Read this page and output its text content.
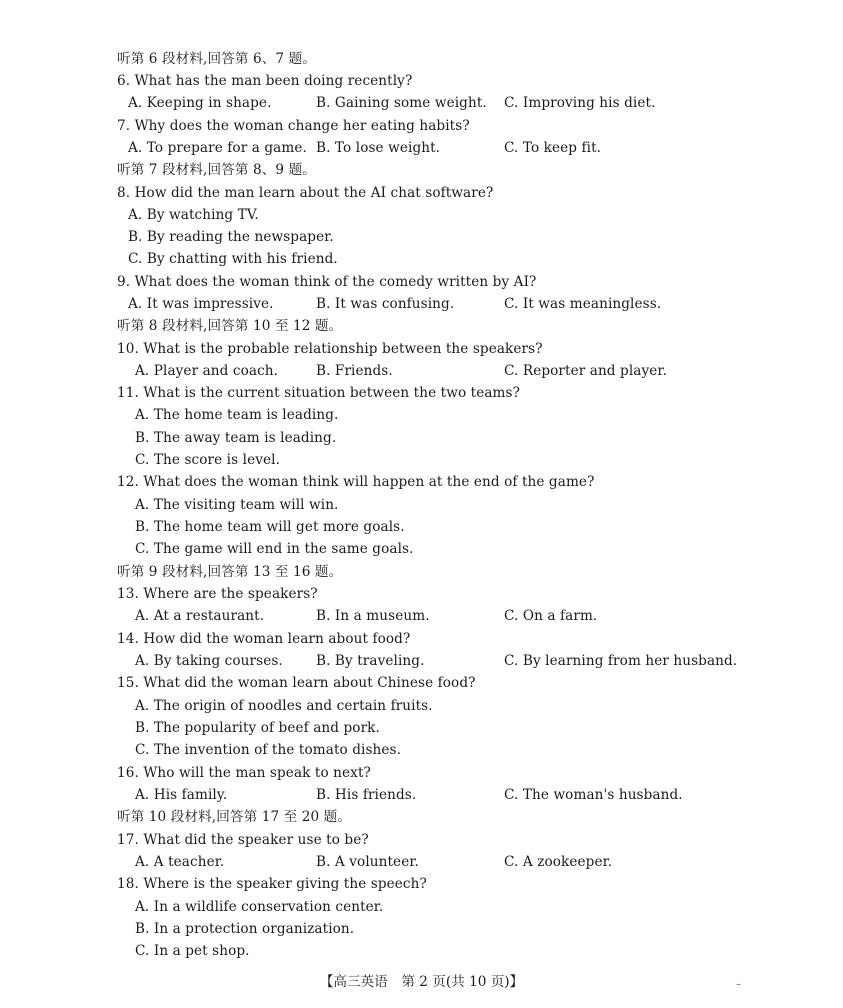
听第 6 段材料,回答第 6、7 题。
6. What has the man been doing recently?
A. Keeping in shape.	B. Gaining some weight. C. Improving his diet.
7. Why does the woman change her eating habits?
A. To prepare for a game. B. To lose weight.	C. To keep fit.
听第 7 段材料,回答第 8、9 题。
8. How did the man learn about the AI chat software?
A. By watching TV.
B. By reading the newspaper.
C. By chatting with his friend.
9. What does the woman think of the comedy written by AI?
A. It was impressive.	B. It was confusing.	C. It was meaningless.
听第 8 段材料,回答第 10 至 12 题。
10. What is the probable relationship between the speakers?
A. Player and coach.	B. Friends.	C. Reporter and player.
11. What is the current situation between the two teams?
A. The home team is leading.
B. The away team is leading.
C. The score is level.
12. What does the woman think will happen at the end of the game?
A. The visiting team will win.
B. The home team will get more goals.
C. The game will end in the same goals.
听第 9 段材料,回答第 13 至 16 题。
13. Where are the speakers?
A. At a restaurant.	B. In a museum.	C. On a farm.
14. How did the woman learn about food?
A. By taking courses. B. By traveling.	C. By learning from her husband.
15. What did the woman learn about Chinese food?
A. The origin of noodles and certain fruits.
B. The popularity of beef and pork.
C. The invention of the tomato dishes.
16. Who will the man speak to next?
A. His family.	B. His friends.	C. The woman's husband.
听第 10 段材料,回答第 17 至 20 题。
17. What did the speaker use to be?
A. A teacher.	B. A volunteer.	C. A zookeeper.
18. Where is the speaker giving the speech?
A. In a wildlife conservation center.
B. In a protection organization.
C. In a pet shop.
【高三英语　第 2 页(共 10 页)】	–
